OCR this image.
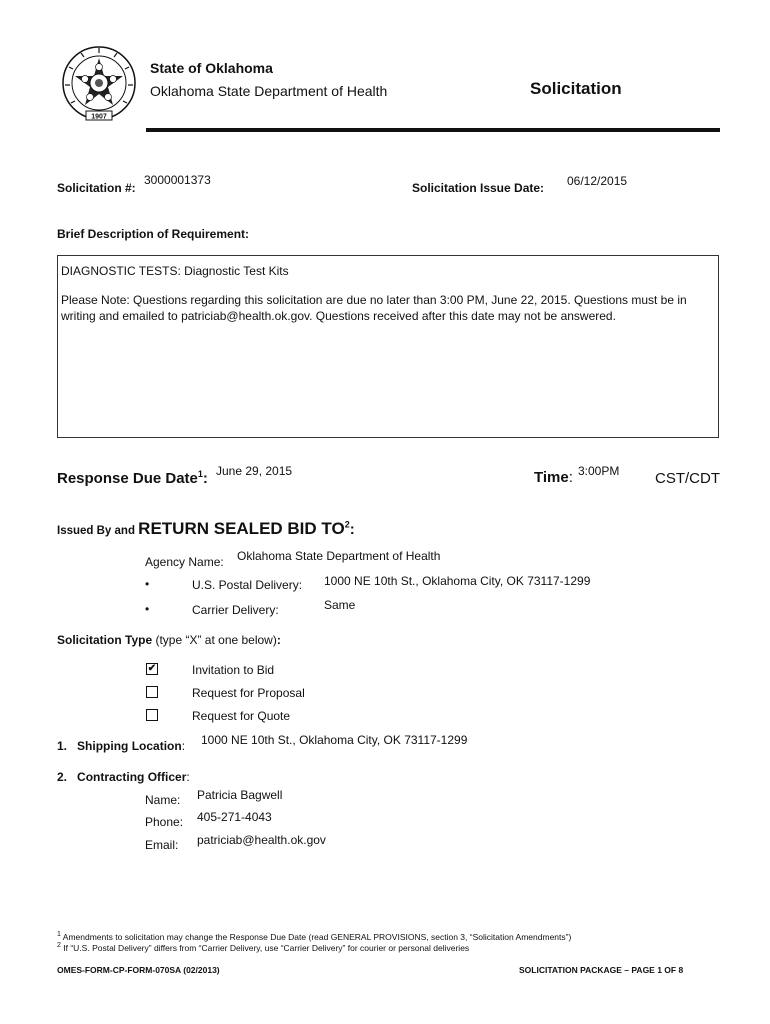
1907
State of Oklahoma
Oklahoma State Department of Health	Solicitation
Solicitation #:
3000001373
Solicitation Issue Date: 06/12/2015
Brief Description of Requirement:
DIAGNOSTIC TESTS: Diagnostic Test Kits
Please Note: Questions regarding this solicitation are due no later than 3:00 PM, June 22, 2015. Questions must be in writing and emailed to patriciab@health.ok.gov. Questions received after this date may not be answered.
Response Due Date$^1$: June 29, 2015	Time: 3:00PM CST/CDT
Issued By and RETURN SEALED BID $TO^2$:
Agency Name: Oklahoma State Department of Health
•	U.S. Postal Delivery: 1000 NE 10th St., Oklahoma City, OK 73117-1299
•	Carrier Delivery:	Same
Solicitation Type (type “X” at one below):
✔	Invitation to Bid
Request for Proposal
Request for Quote
1. Shipping Location: 1000 NE 10th St., Oklahoma City, OK 73117-1299
2. Contracting Officer:
Name: Patricia Bagwell
Phone: 405-271-4043
Email: patriciab@health.ok.gov
$^1$ Amendments to solicitation may change the Response Due Date (read GENERAL PROVISIONS, section 3, “Solicitation Amendments”)
$^2$ If “U.S. Postal Delivery” differs from “Carrier Delivery, use “Carrier Delivery” for courier or personal deliveries
OMES-FORM-CP-FORM-070SA (02/2013)	SOLICITATION PACKAGE – PAGE 1 OF 8
